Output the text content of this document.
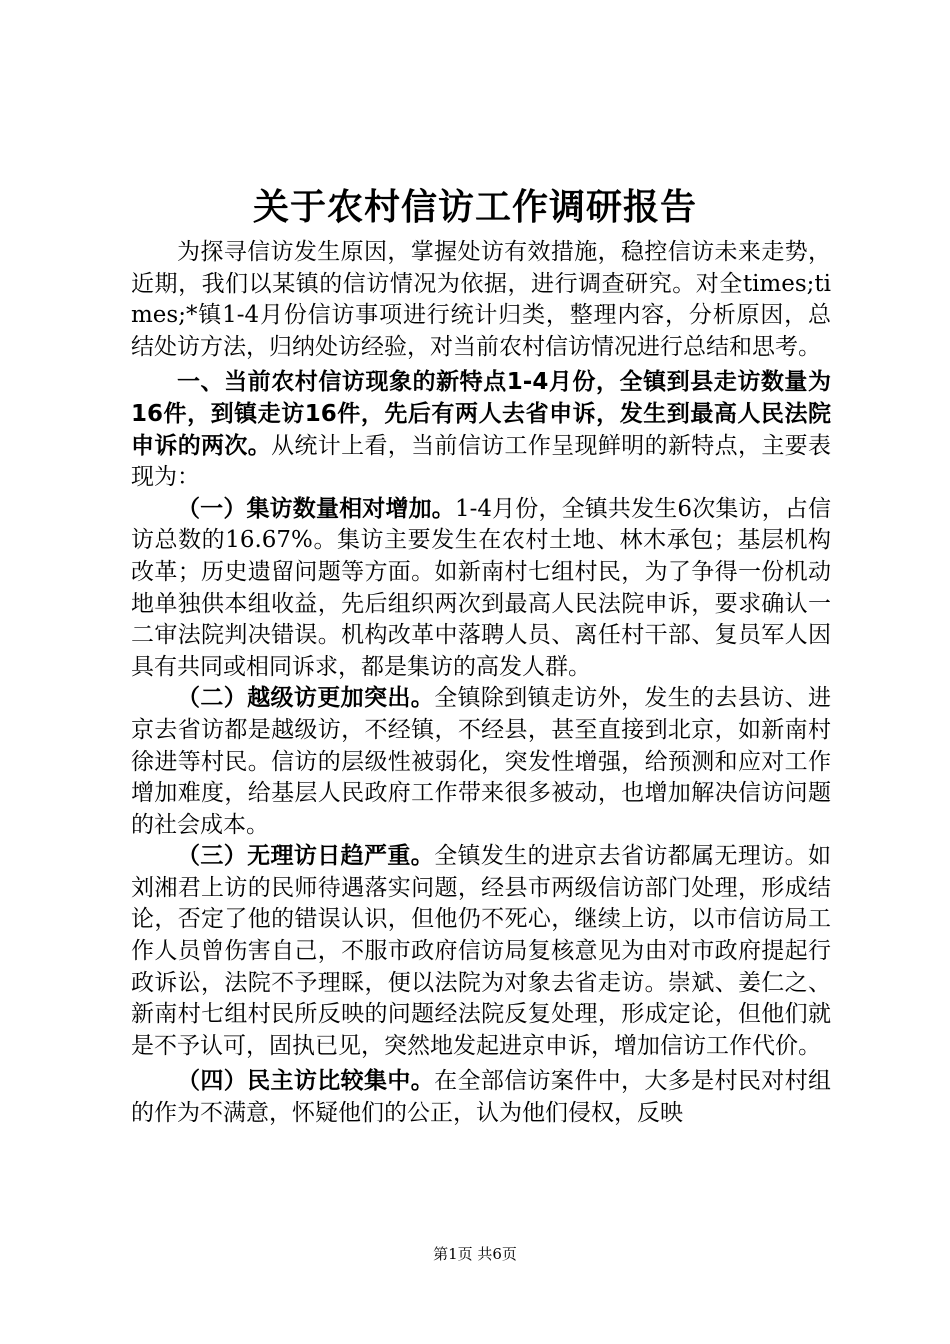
关于农村信访工作调研报告

为探寻信访发生原因，掌握处访有效措施，稳控信访未来走势，近期，我们以某镇的信访情况为依据，进行调查研究。对全times;times;*镇1-4月份信访事项进行统计归类，整理内容，分析原因，总结处访方法，归纳处访经验，对当前农村信访情况进行总结和思考。

一、当前农村信访现象的新特点1-4月份，全镇到县走访数量为16件，到镇走访16件，先后有两人去省申诉，发生到最高人民法院申诉的两次。从统计上看，当前信访工作呈现鲜明的新特点，主要表现为：

（一）集访数量相对增加。1-4月份，全镇共发生6次集访，占信访总数的16.67%。集访主要发生在农村土地、林木承包；基层机构改革；历史遗留问题等方面。如新南村七组村民，为了争得一份机动地单独供本组收益，先后组织两次到最高人民法院申诉，要求确认一二审法院判决错误。机构改革中落聘人员、离任村干部、复员军人因具有共同或相同诉求，都是集访的高发人群。

（二）越级访更加突出。全镇除到镇走访外，发生的去县访、进京去省访都是越级访，不经镇，不经县，甚至直接到北京，如新南村徐进等村民。信访的层级性被弱化，突发性增强，给预测和应对工作增加难度，给基层人民政府工作带来很多被动，也增加解决信访问题的社会成本。

（三）无理访日趋严重。全镇发生的进京去省访都属无理访。如刘湘君上访的民师待遇落实问题，经县市两级信访部门处理，形成结论，否定了他的错误认识，但他仍不死心，继续上访，以市信访局工作人员曾伤害自己，不服市政府信访局复核意见为由对市政府提起行政诉讼，法院不予理睬，便以法院为对象去省走访。崇斌、姜仁之、新南村七组村民所反映的问题经法院反复处理，形成定论，但他们就是不予认可，固执已见，突然地发起进京申诉，增加信访工作代价。

（四）民主访比较集中。在全部信访案件中，大多是村民对村组的作为不满意，怀疑他们的公正，认为他们侵权，反映

第1页 共6页
